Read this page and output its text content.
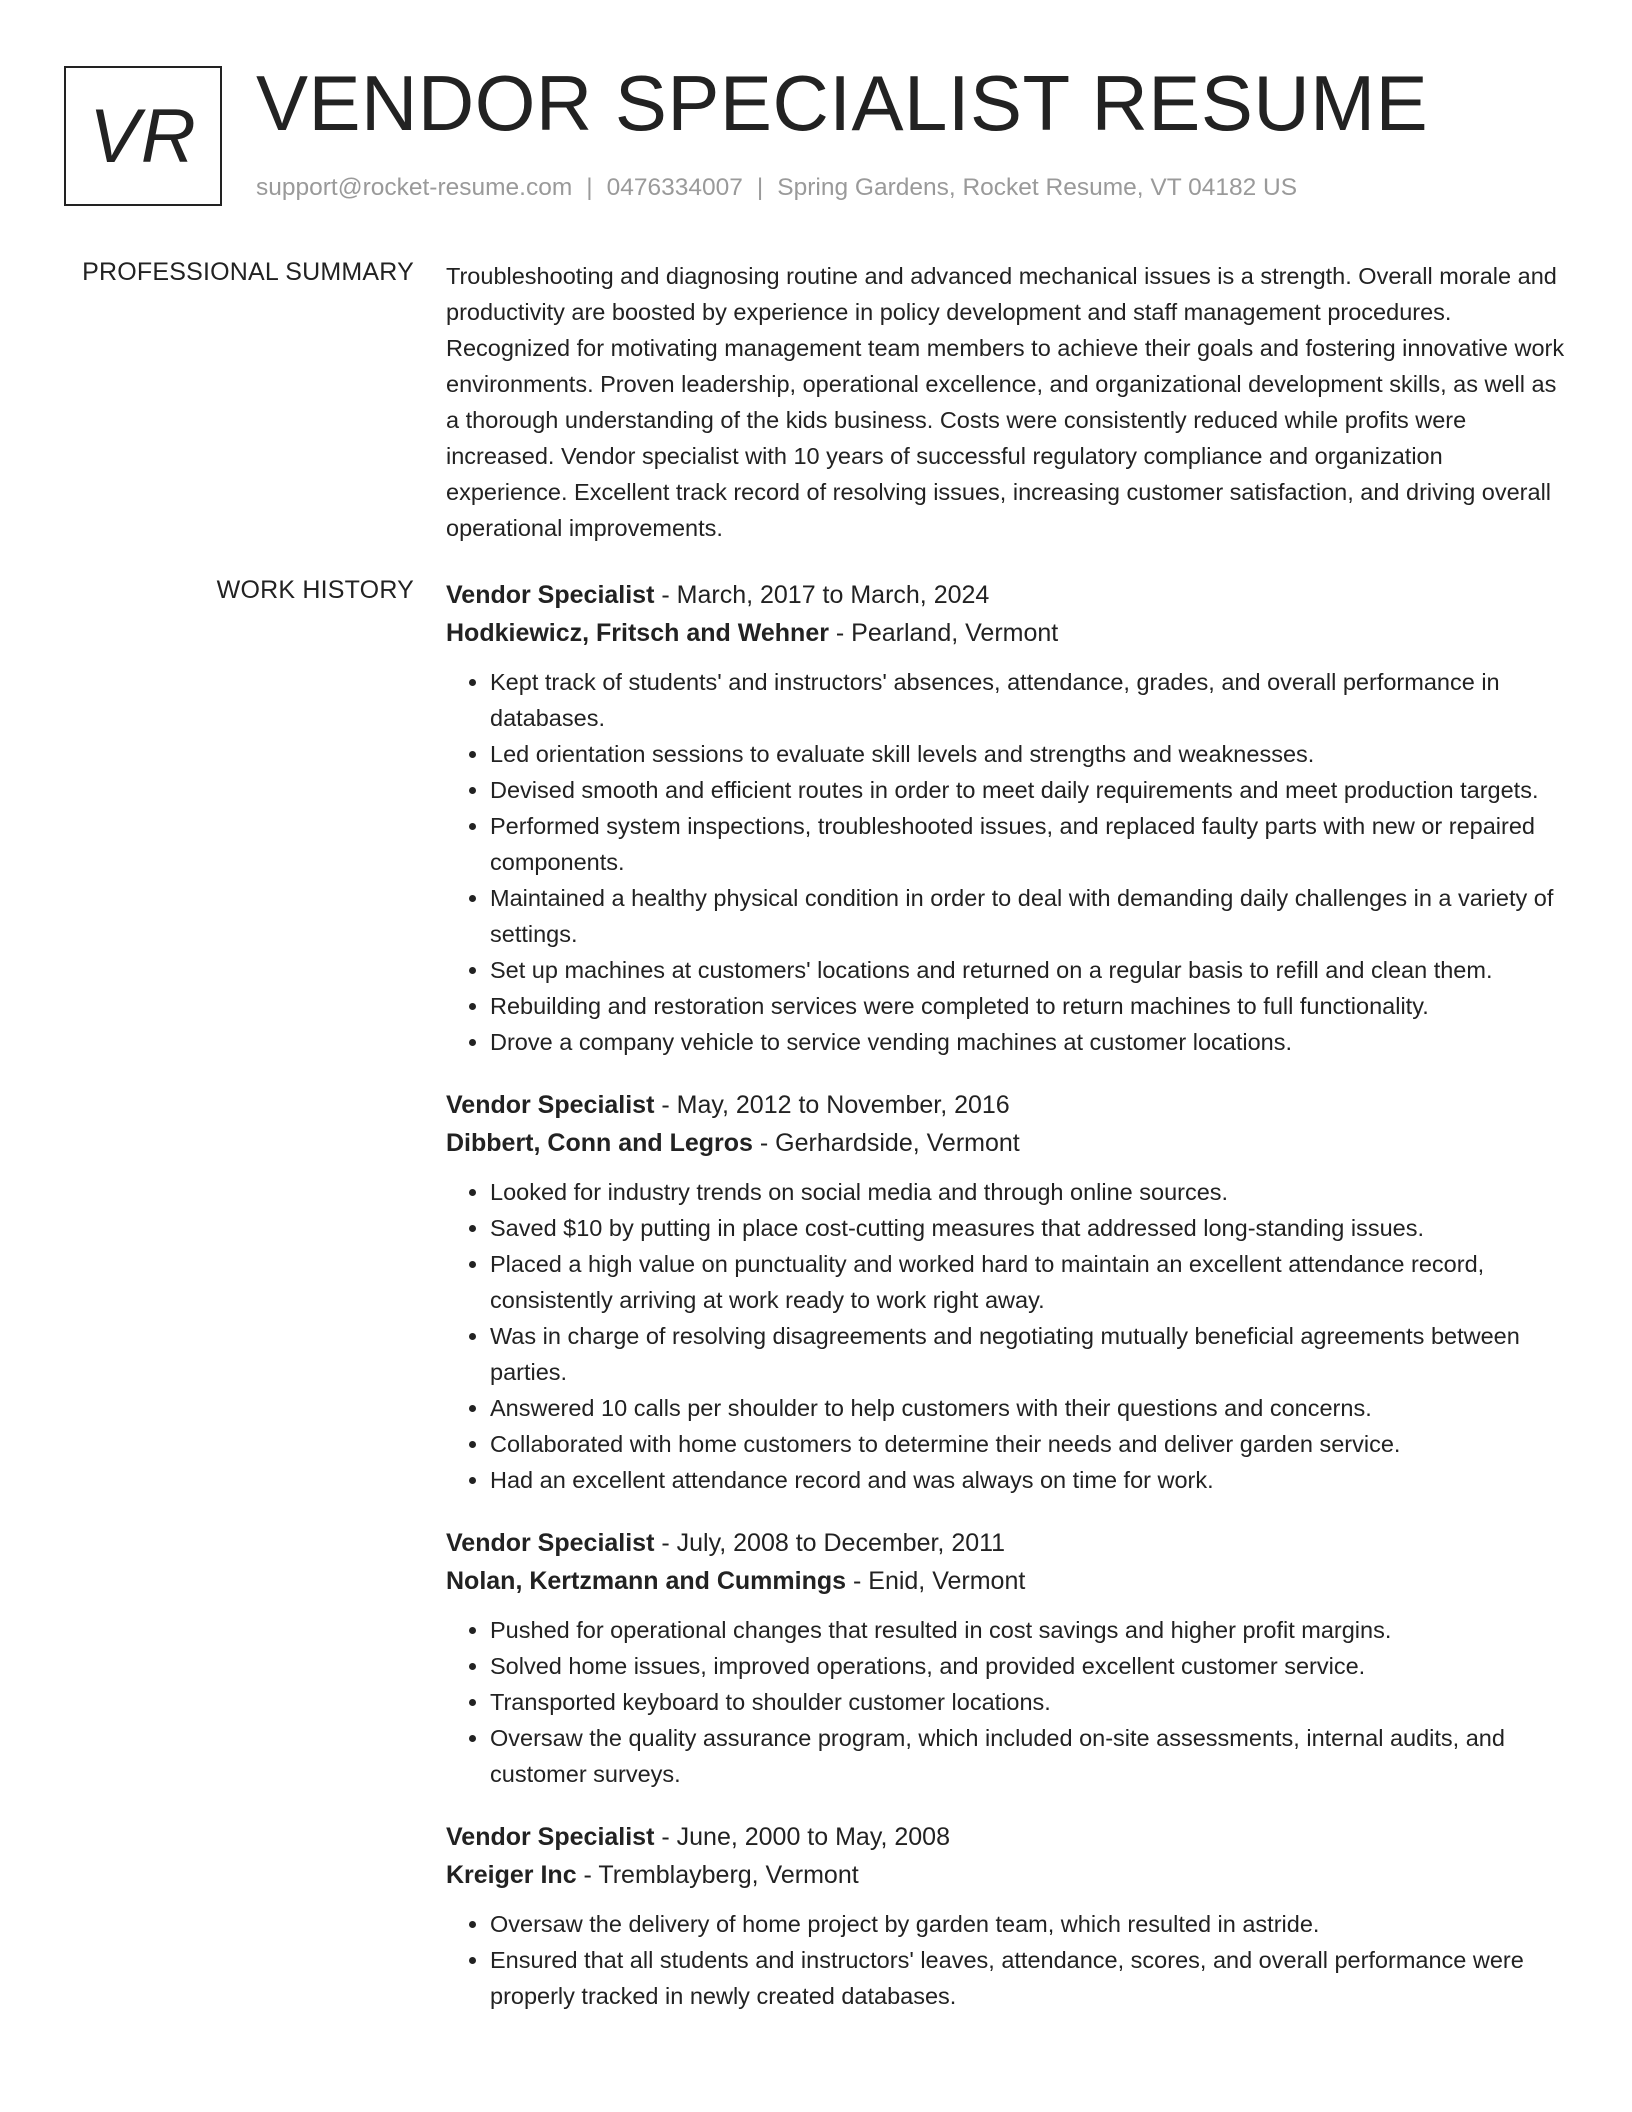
VR VENDOR SPECIALIST RESUME
support@rocket-resume.com | 0476334007 | Spring Gardens, Rocket Resume, VT 04182 US
PROFESSIONAL SUMMARY Troubleshooting and diagnosing routine and advanced mechanical issues is a strength. Overall morale and productivity are boosted by experience in policy development and staff management procedures. Recognized for motivating management team members to achieve their goals and fostering innovative work environments. Proven leadership, operational excellence, and organizational development skills, as well as a thorough understanding of the kids business. Costs were consistently reduced while profits were increased. Vendor specialist with 10 years of successful regulatory compliance and organization experience. Excellent track record of resolving issues, increasing customer satisfaction, and driving overall operational improvements.

WORK HISTORY Vendor Specialist - March, 2017 to March, 2024
Hodkiewicz, Fritsch and Wehner - Pearland, Vermont
• Kept track of students' and instructors' absences, attendance, grades, and overall performance in databases.
• Led orientation sessions to evaluate skill levels and strengths and weaknesses.
• Devised smooth and efficient routes in order to meet daily requirements and meet production targets.
• Performed system inspections, troubleshooted issues, and replaced faulty parts with new or repaired components.
• Maintained a healthy physical condition in order to deal with demanding daily challenges in a variety of settings.
• Set up machines at customers' locations and returned on a regular basis to refill and clean them.
• Rebuilding and restoration services were completed to return machines to full functionality.
• Drove a company vehicle to service vending machines at customer locations.
Vendor Specialist - May, 2012 to November, 2016
Dibbert, Conn and Legros - Gerhardside, Vermont
• Looked for industry trends on social media and through online sources.
• Saved $10 by putting in place cost-cutting measures that addressed long-standing issues.
• Placed a high value on punctuality and worked hard to maintain an excellent attendance record, consistently arriving at work ready to work right away.
• Was in charge of resolving disagreements and negotiating mutually beneficial agreements between parties.
• Answered 10 calls per shoulder to help customers with their questions and concerns.
• Collaborated with home customers to determine their needs and deliver garden service.
• Had an excellent attendance record and was always on time for work.
Vendor Specialist - July, 2008 to December, 2011
Nolan, Kertzmann and Cummings - Enid, Vermont
• Pushed for operational changes that resulted in cost savings and higher profit margins.
• Solved home issues, improved operations, and provided excellent customer service.
• Transported keyboard to shoulder customer locations.
• Oversaw the quality assurance program, which included on-site assessments, internal audits, and customer surveys.
Vendor Specialist - June, 2000 to May, 2008
Kreiger Inc - Tremblayberg, Vermont
• Oversaw the delivery of home project by garden team, which resulted in astride.
• Ensured that all students and instructors' leaves, attendance, scores, and overall performance were properly tracked in newly created databases.
